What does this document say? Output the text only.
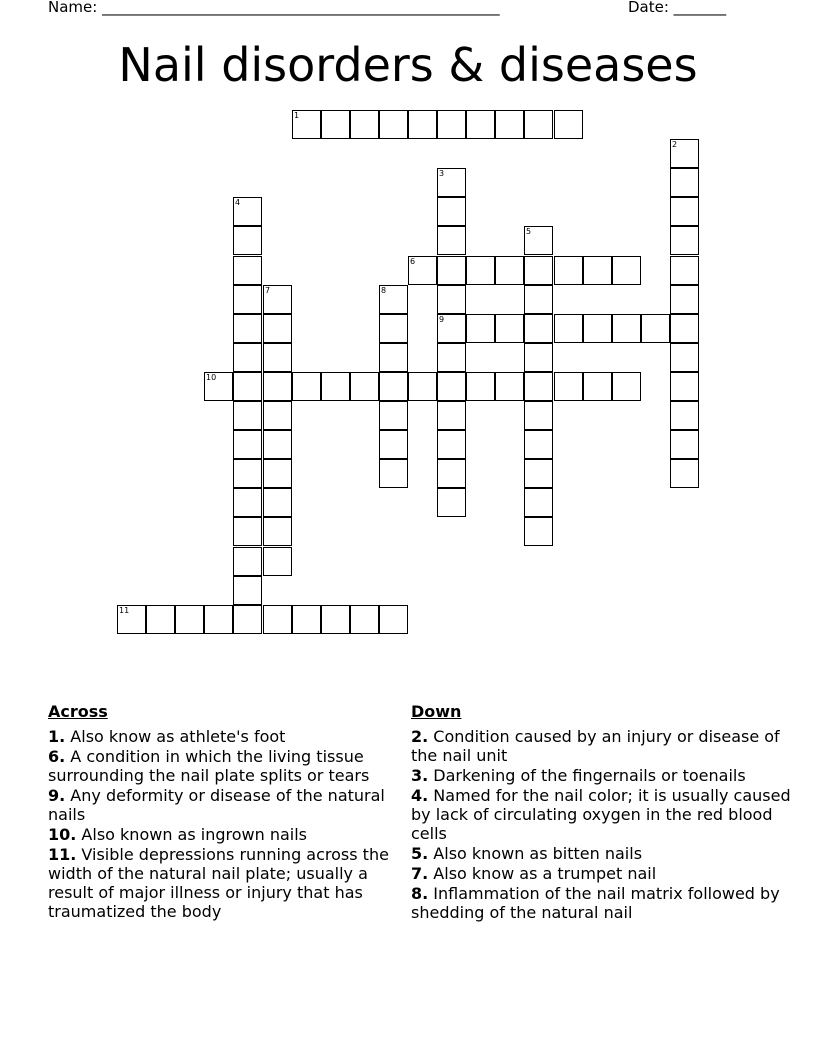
Name: _____________________________________________________	Date: _______
Nail disorders & diseases
1
2
3
9
4
5
6
7	8
10
11
Across
1. Also know as athlete's foot
6. A condition in which the living tissue surrounding the nail plate splits or tears
9. Any deformity or disease of the natural nails
10. Also known as ingrown nails
11. Visible depressions running across the width of the natural nail plate; usually a result of major illness or injury that has traumatized the body
Down
2. Condition caused by an injury or disease of the nail unit
3. Darkening of the fingernails or toenails
4. Named for the nail color; it is usually caused by lack of circulating oxygen in the red blood cells
5. Also known as bitten nails
7. Also know as a trumpet nail
8. Inflammation of the nail matrix followed by shedding of the natural nail
